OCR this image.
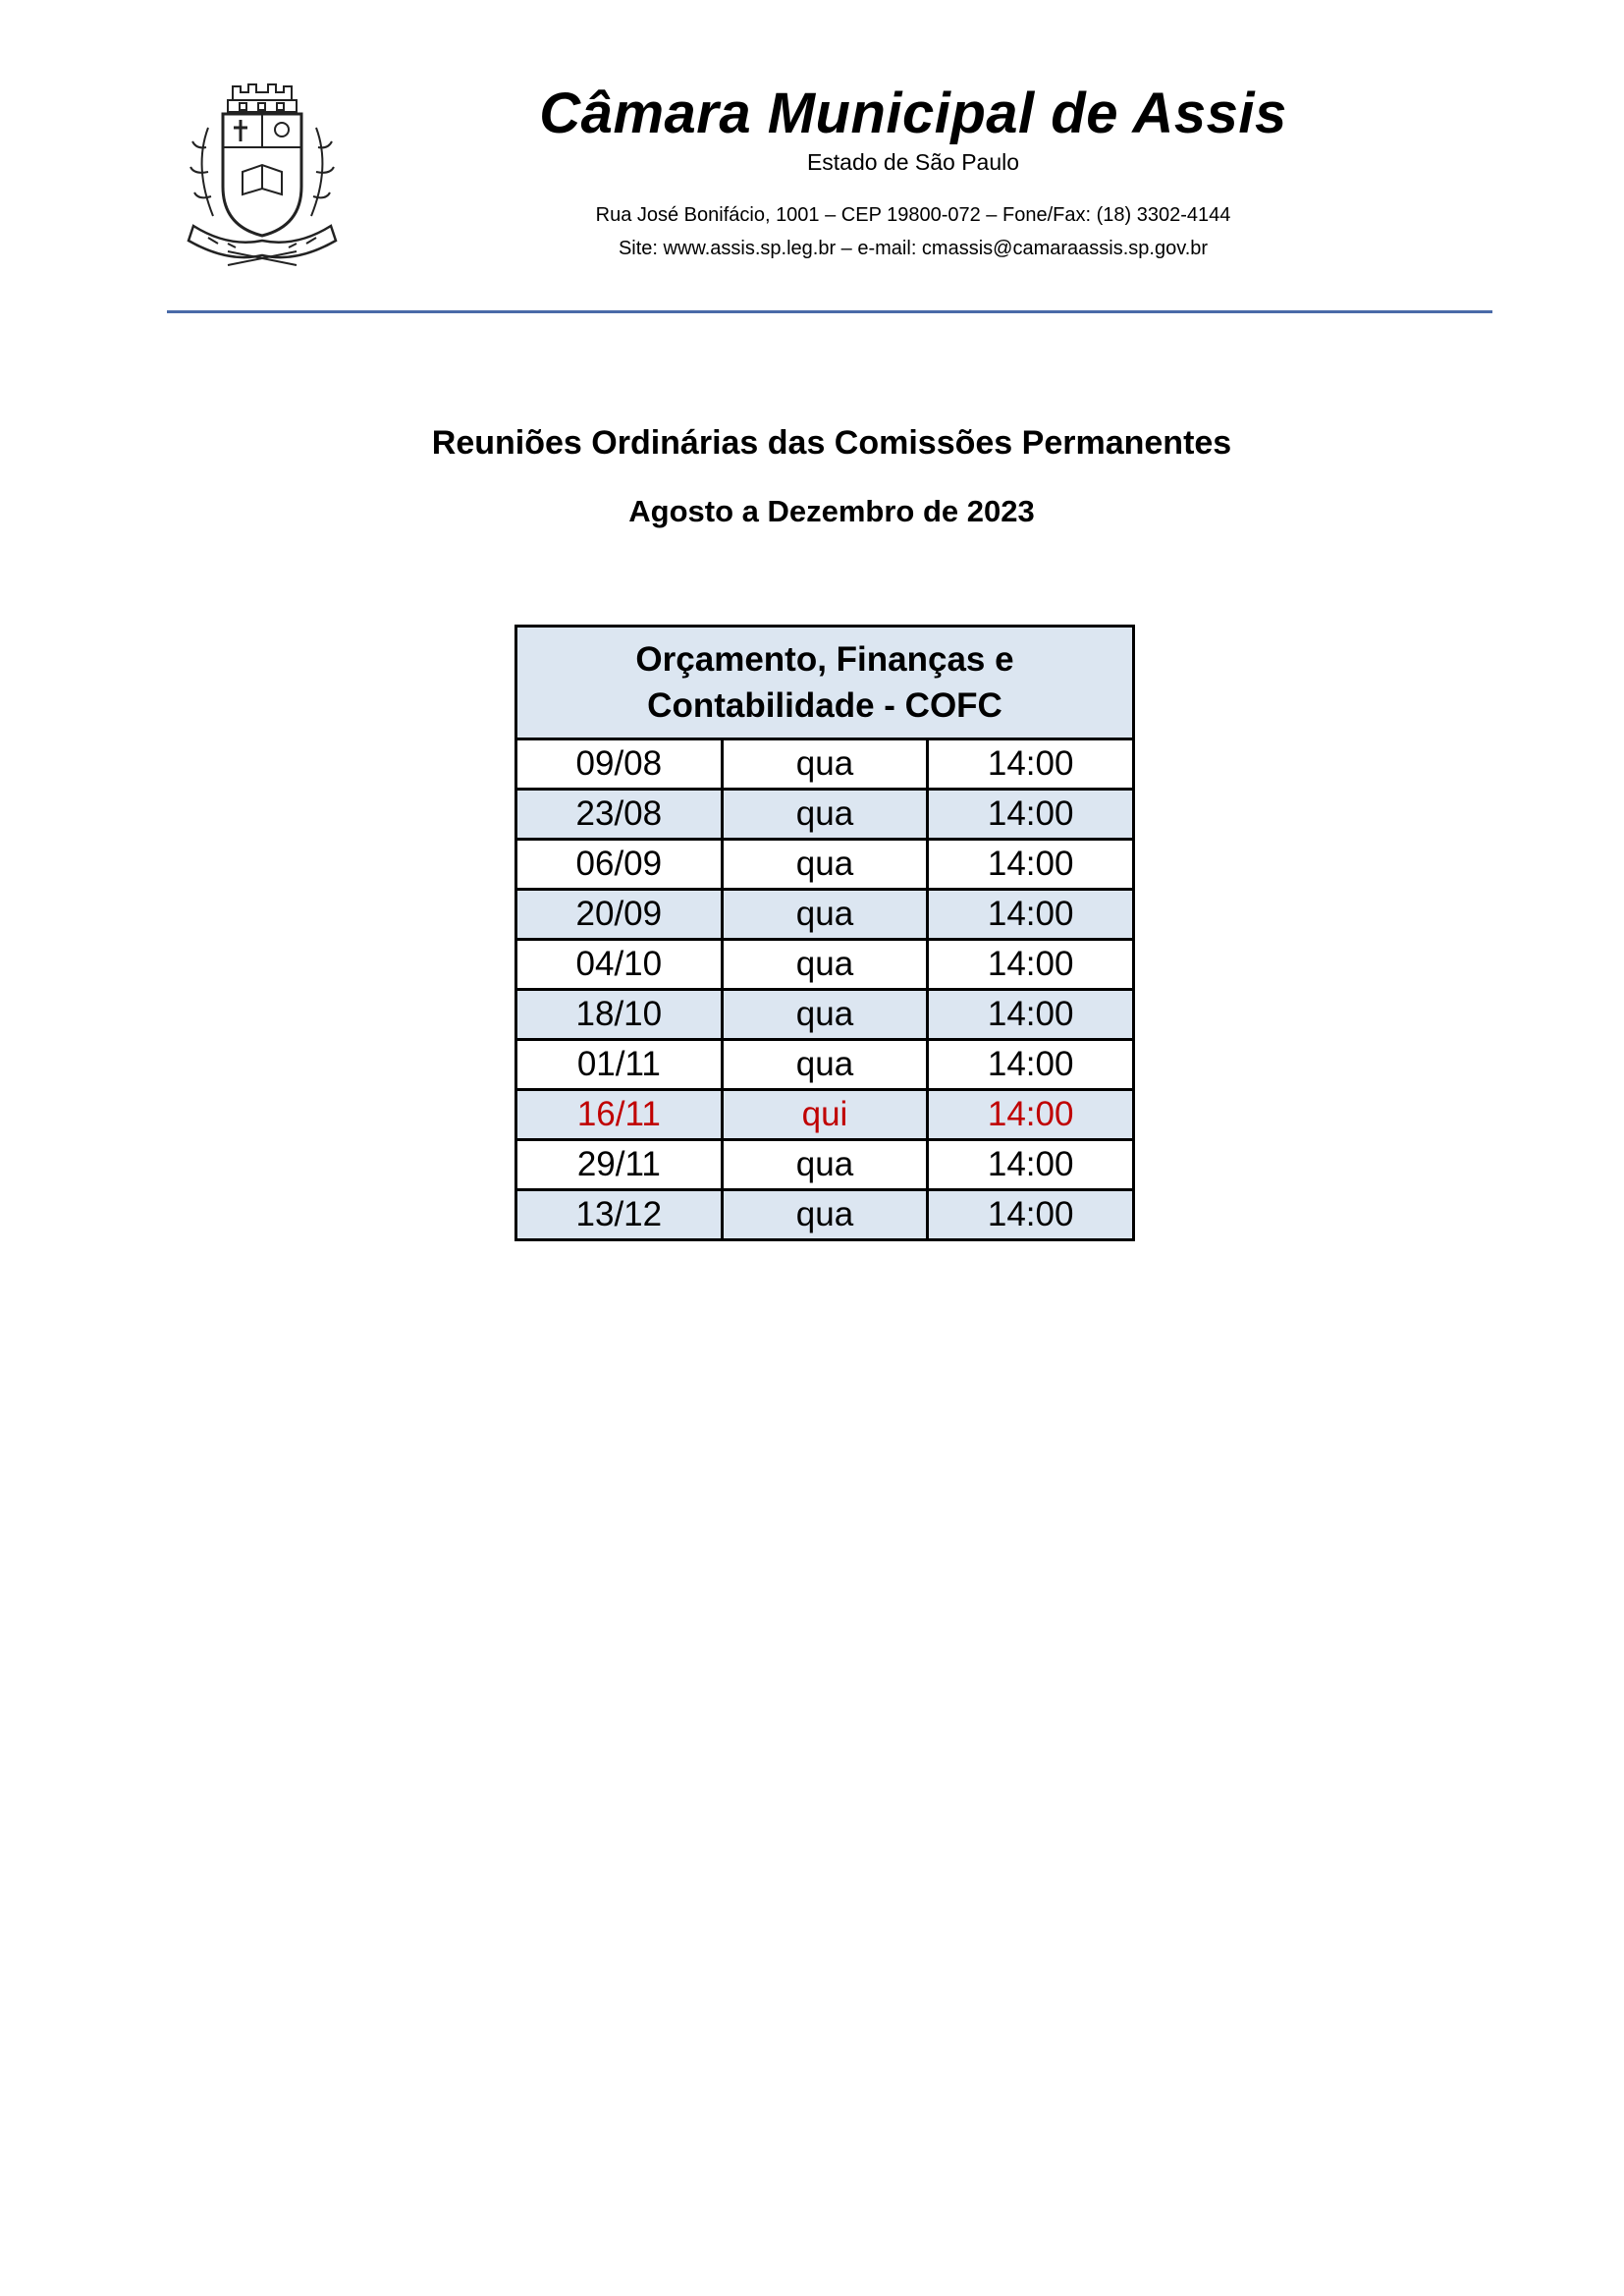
Câmara Municipal de Assis
Estado de São Paulo
Rua José Bonifácio, 1001 – CEP 19800-072 – Fone/Fax: (18) 3302-4144
Site: www.assis.sp.leg.br – e-mail: cmassis@camaraassis.sp.gov.br
Reuniões Ordinárias das Comissões Permanentes
Agosto a Dezembro de 2023
Orçamento, Finanças e Contabilidade - COFC		
09/08	qua	14:00
23/08	qua	14:00
06/09	qua	14:00
20/09	qua	14:00
04/10	qua	14:00
18/10	qua	14:00
01/11	qua	14:00
16/11	qui	14:00
29/11	qua	14:00
13/12	qua	14:00
